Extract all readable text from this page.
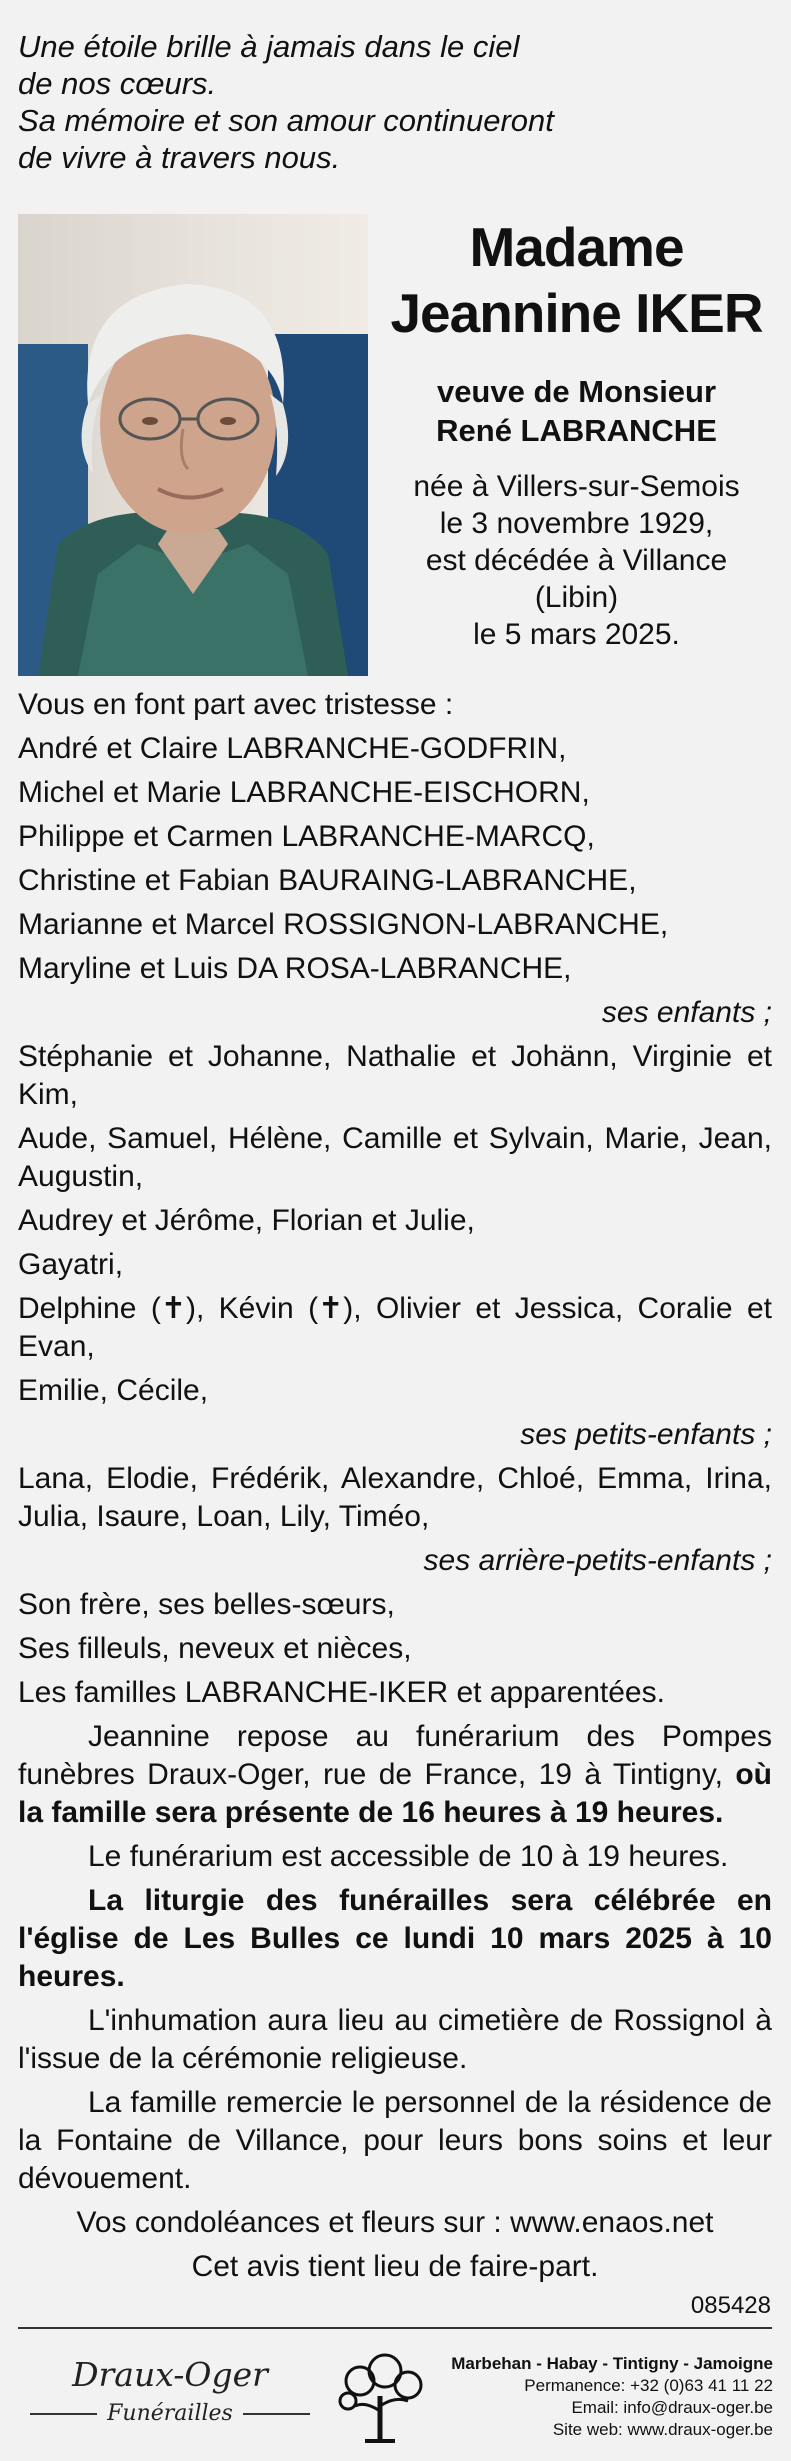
Une étoile brille à jamais dans le ciel
de nos cœurs.
Sa mémoire et son amour continueront
de vivre à travers nous.
Madame
Jeannine IKER
veuve de Monsieur
René LABRANCHE
née à Villers-sur-Semois
le 3 novembre 1929,
est décédée à Villance
(Libin)
le 5 mars 2025.
Vous en font part avec tristesse :
André et Claire LABRANCHE-GODFRIN,
Michel et Marie LABRANCHE-EISCHORN,
Philippe et Carmen LABRANCHE-MARCQ,
Christine et Fabian BAURAING-LABRANCHE,
Marianne et Marcel ROSSIGNON-LABRANCHE,
Maryline et Luis DA ROSA-LABRANCHE,
ses enfants ;
Stéphanie et Johanne, Nathalie et Johänn, Virginie et Kim,
Aude, Samuel, Hélène, Camille et Sylvain, Marie, Jean, Augustin,
Audrey et Jérôme, Florian et Julie,
Gayatri,
Delphine (✝), Kévin (✝), Olivier et Jessica, Coralie et Evan,
Emilie, Cécile,
ses petits-enfants ;
Lana, Elodie, Frédérik, Alexandre, Chloé, Emma, Irina, Julia, Isaure, Loan, Lily, Timéo,
ses arrière-petits-enfants ;
Son frère, ses belles-sœurs,
Ses filleuls, neveux et nièces,
Les familles LABRANCHE-IKER et apparentées.
Jeannine repose au funérarium des Pompes funèbres Draux-Oger, rue de France, 19 à Tintigny, où la famille sera présente de 16 heures à 19 heures.
Le funérarium est accessible de 10 à 19 heures.
La liturgie des funérailles sera célébrée en l'église de Les Bulles ce lundi 10 mars 2025 à 10 heures.
L'inhumation aura lieu au cimetière de Rossignol à l'issue de la cérémonie religieuse.
La famille remercie le personnel de la résidence de la Fontaine de Villance, pour leurs bons soins et leur dévouement.
Vos condoléances et fleurs sur : www.enaos.net
Cet avis tient lieu de faire-part.
085428
Draux-Oger
Funérailles
Marbehan - Habay - Tintigny - Jamoigne
Permanence: +32 (0)63 41 11 22
Email: info@draux-oger.be
Site web: www.draux-oger.be
